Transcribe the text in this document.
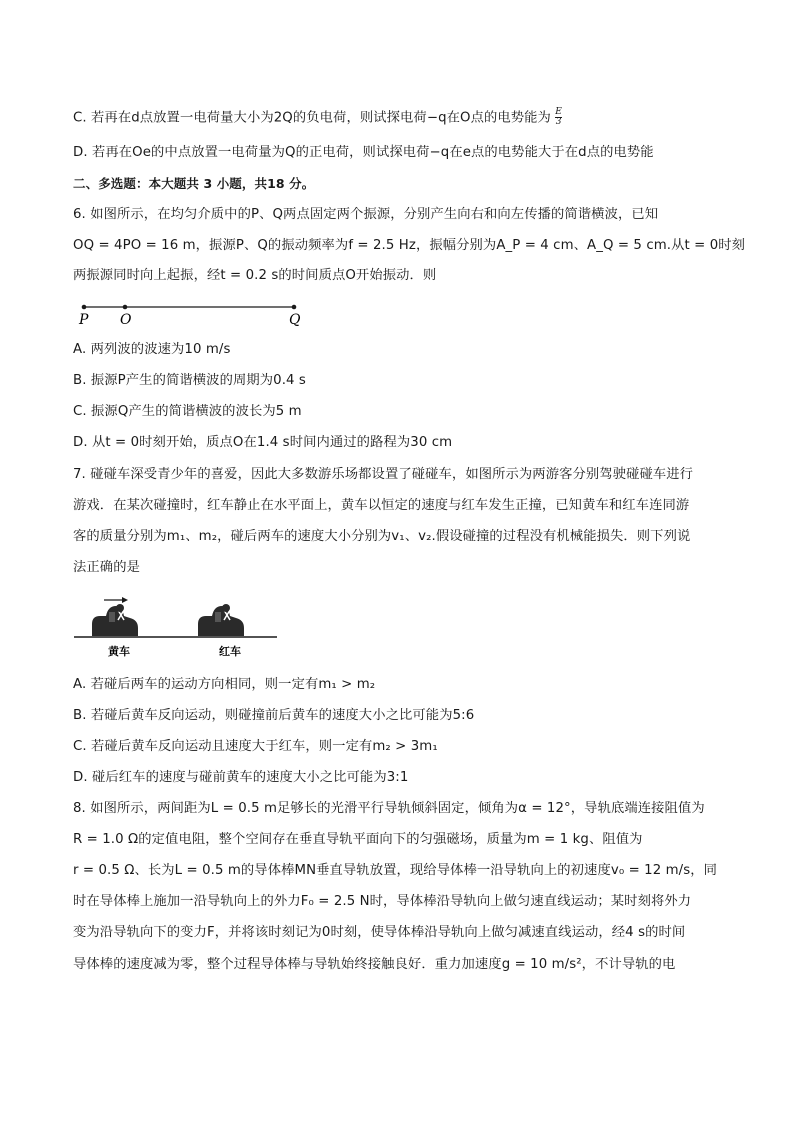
C. 若再在d点放置一电荷量大小为2Q的负电荷，则试探电荷−q在O点的电势能为 $\frac{E}{3}$
D. 若再在Oe的中点放置一电荷量为Q的正电荷，则试探电荷−q在e点的电势能大于在d点的电势能
二、多选题：本大题共 3 小题，共18 分。
6. 如图所示，在均匀介质中的P、Q两点固定两个振源，分别产生向右和向左传播的简谐横波，已知
OQ = 4PO = 16 m，振源P、Q的振动频率为f = 2.5 Hz，振幅分别为A_P = 4 cm、A_Q = 5 cm.从t = 0时刻
两振源同时向上起振，经t = 0.2 s的时间质点O开始振动．则
P O	Q
A. 两列波的波速为10 m/s
B. 振源P产生的简谐横波的周期为0.4 s
C. 振源Q产生的简谐横波的波长为5 m
D. 从t = 0时刻开始，质点O在1.4 s时间内通过的路程为30 cm
7. 碰碰车深受青少年的喜爱，因此大多数游乐场都设置了碰碰车，如图所示为两游客分别驾驶碰碰车进行
游戏．在某次碰撞时，红车静止在水平面上，黄车以恒定的速度与红车发生正撞，已知黄车和红车连同游
客的质量分别为m₁、m₂，碰后两车的速度大小分别为v₁、v₂.假设碰撞的过程没有机械能损失．则下列说
法正确的是
黄车	红车
A. 若碰后两车的运动方向相同，则一定有m₁ > m₂
B. 若碰后黄车反向运动，则碰撞前后黄车的速度大小之比可能为5:6
C. 若碰后黄车反向运动且速度大于红车，则一定有m₂ > 3m₁
D. 碰后红车的速度与碰前黄车的速度大小之比可能为3:1
8. 如图所示，两间距为L = 0.5 m足够长的光滑平行导轨倾斜固定，倾角为α = 12°，导轨底端连接阻值为
R = 1.0 Ω的定值电阻，整个空间存在垂直导轨平面向下的匀强磁场，质量为m = 1 kg、阻值为
r = 0.5 Ω、长为L = 0.5 m的导体棒MN垂直导轨放置，现给导体棒一沿导轨向上的初速度v₀ = 12 m/s，同
时在导体棒上施加一沿导轨向上的外力F₀ = 2.5 N时，导体棒沿导轨向上做匀速直线运动；某时刻将外力
变为沿导轨向下的变力F，并将该时刻记为0时刻，使导体棒沿导轨向上做匀减速直线运动，经4 s的时间
导体棒的速度减为零，整个过程导体棒与导轨始终接触良好．重力加速度g = 10 m/s²，不计导轨的电
